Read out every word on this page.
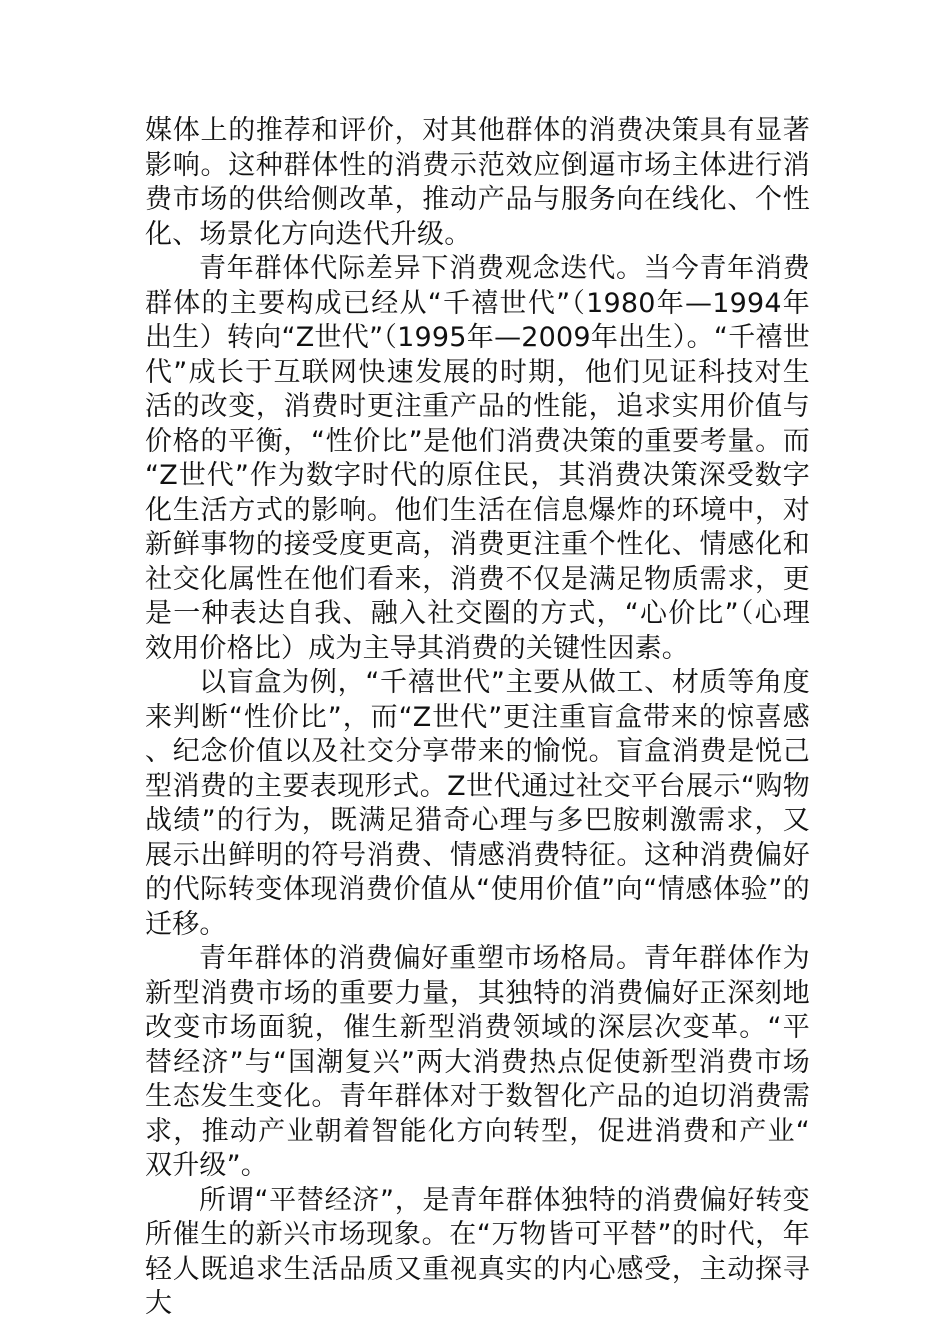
媒体上的推荐和评价，对其他群体的消费决策具有显著影响。这种群体性的消费示范效应倒逼市场主体进行消费市场的供给侧改革，推动产品与服务向在线化、个性化、场景化方向迭代升级。

青年群体代际差异下消费观念迭代。当今青年消费群体的主要构成已经从“千禧世代”（1980年—1994年出生）转向“Z世代”（1995年—2009年出生）。“千禧世代”成长于互联网快速发展的时期，他们见证科技对生活的改变，消费时更注重产品的性能，追求实用价值与价格的平衡，“性价比”是他们消费决策的重要考量。而“Z世代”作为数字时代的原住民，其消费决策深受数字化生活方式的影响。他们生活在信息爆炸的环境中，对新鲜事物的接受度更高，消费更注重个性化、情感化和社交化属性在他们看来，消费不仅是满足物质需求，更是一种表达自我、融入社交圈的方式，“心价比”（心理效用价格比）成为主导其消费的关键性因素。

以盲盒为例，“千禧世代”主要从做工、材质等角度来判断“性价比”，而“Z世代”更注重盲盒带来的惊喜感、纪念价值以及社交分享带来的愉悦。盲盒消费是悦己型消费的主要表现形式。Z世代通过社交平台展示“购物战绩”的行为，既满足猎奇心理与多巴胺刺激需求，又展示出鲜明的符号消费、情感消费特征。这种消费偏好的代际转变体现消费价值从“使用价值”向“情感体验”的迁移。

青年群体的消费偏好重塑市场格局。青年群体作为新型消费市场的重要力量，其独特的消费偏好正深刻地改变市场面貌，催生新型消费领域的深层次变革。“平替经济”与“国潮复兴”两大消费热点促使新型消费市场生态发生变化。青年群体对于数智化产品的迫切消费需求，推动产业朝着智能化方向转型，促进消费和产业“双升级”。

所谓“平替经济”，是青年群体独特的消费偏好转变所催生的新兴市场现象。在“万物皆可平替”的时代，年轻人既追求生活品质又重视真实的内心感受，主动探寻大
